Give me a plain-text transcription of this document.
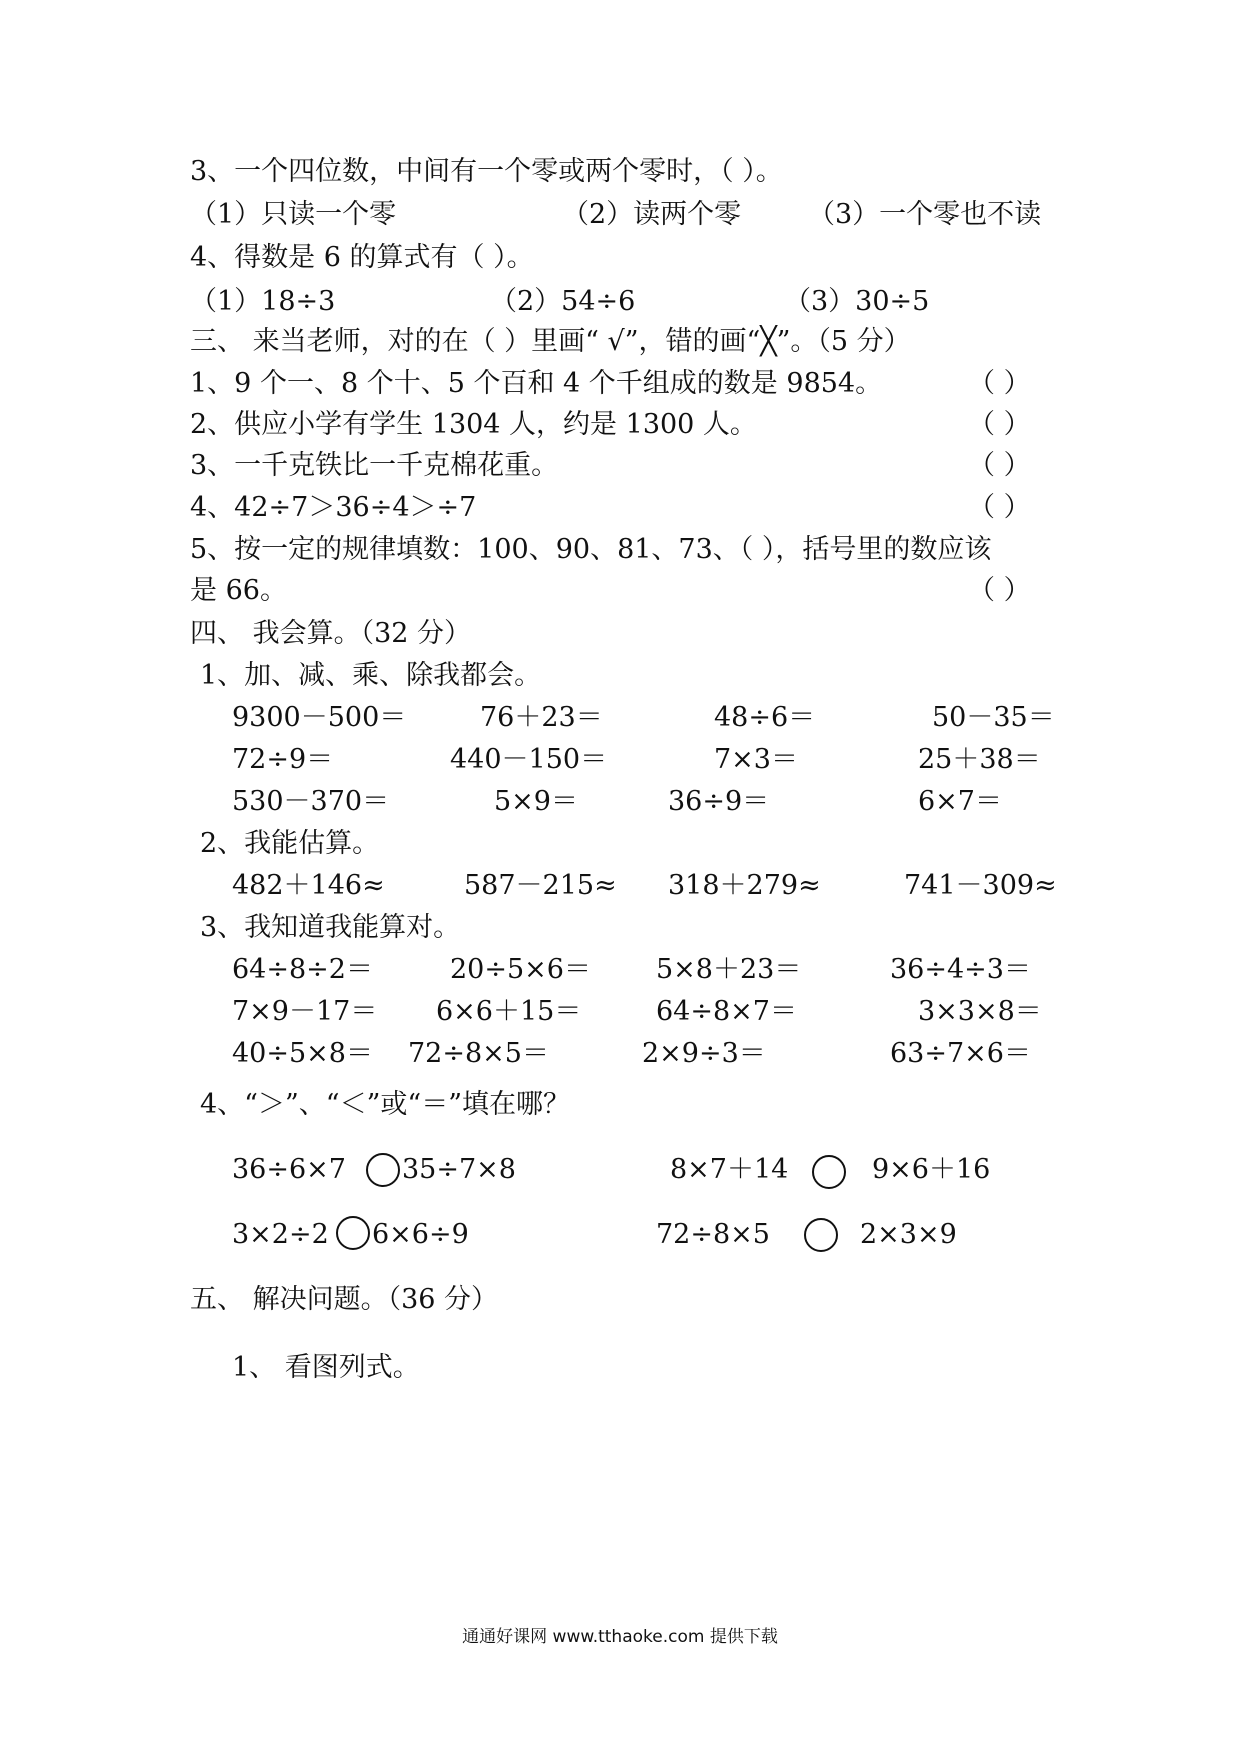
3、一个四位数，中间有一个零或两个零时，（ ）。
（1）只读一个零	（2）读两个零 （3）一个零也不读
4、得数是 6 的算式有（ ）。
（1）18÷3	（2）54÷6	（3）30÷5
三、 来当老师，对的在（ ）里画“ √”，错的画“╳”。（5 分）
1、9 个一、8 个十、5 个百和 4 个千组成的数是 9854。	（ ）
2、供应小学有学生 1304 人，约是 1300 人。	（ ）
3、一千克铁比一千克棉花重。	（ ）
4、42÷7＞36÷4＞÷7	（ ）
5、按一定的规律填数：100、90、81、73、（ ），括号里的数应该
是 66。	（ ）
四、 我会算。（32 分）
1、加、减、乘、除我都会。
9300－500＝	76＋23＝	48÷6＝	50－35＝
72÷9＝	440－150＝	7×3＝	25＋38＝
530－370＝	5×9＝	36÷9＝	6×7＝
2、我能估算。
482＋146≈	587－215≈ 318＋279≈	741－309≈
3、我知道我能算对。
64÷8÷2＝	20÷5×6＝ 5×8＋23＝	36÷4÷3＝
7×9－17＝ 6×6＋15＝	64÷8×7＝	3×3×8＝
40÷5×8＝ 72÷8×5＝	2×9÷3＝	63÷7×6＝
4、“＞”、“＜”或“＝”填在哪？
36÷6×7 35÷7×8	8×7＋14	9×6＋16
3×2÷2 6×6÷9	72÷8×5	2×3×9
五、 解决问题。（36 分）
1、 看图列式。
通通好课网 www.tthaoke.com 提供下载
